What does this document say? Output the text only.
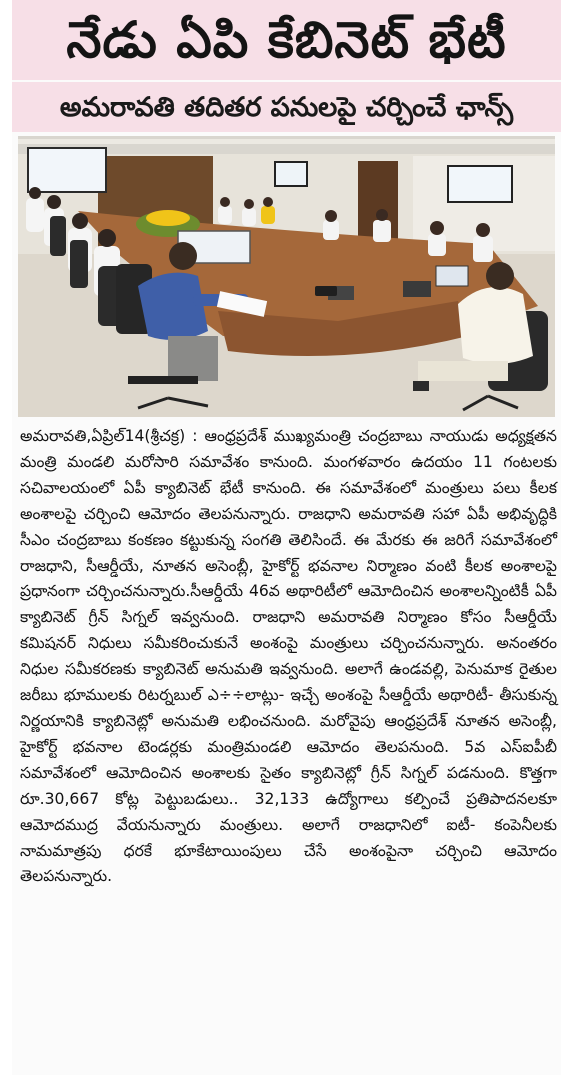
నేడు ఏపి కేబినెట్ భేటీ
అమరావతి తదితర పనులపై చర్చించే ఛాన్స్
అమరావతి,ఏప్రిల్14(శ్రీచక్ర) : ఆంధ్రప్రదేశ్ ముఖ్యమంత్రి చంద్రబాబు నాయుడు అధ్యక్షతన మంత్రి మండలి మరోసారి సమావేశం కానుంది. మంగళవారం ఉదయం 11 గంటలకు సచివాలయంలో ఏపీ క్యాబినెట్ భేటీ కానుంది. ఈ సమావేశంలో మంత్రులు పలు కీలక అంశాలపై చర్చించి ఆమోదం తెలపనున్నారు. రాజధాని అమరావతి సహా ఏపీ అభివృద్ధికి సీఎం చంద్రబాబు కంకణం కట్టుకున్న సంగతి తెలిసిందే. ఈ మేరకు ఈ జరిగే సమావేశంలో రాజధాని, సీఆర్డీయే, నూతన అసెంబ్లీ, హైకోర్ట్ భవనాల నిర్మాణం వంటి కీలక అంశాలపై ప్రధానంగా చర్చించనున్నారు.సీఆర్డీయే 46వ అథారిటీలో ఆమోదించిన అంశాలన్నింటికీ ఏపీ క్యాబినెట్ గ్రీన్ సిగ్నల్ ఇవ్వనుంది. రాజధాని అమరావతి నిర్మాణం కోసం సీఆర్డీయే కమిషనర్ నిధులు సమీకరించుకునే అంశంపై మంత్రులు చర్చించనున్నారు. అనంతరం నిధుల సమీకరణకు క్యాబినెట్ అనుమతి ఇవ్వనుంది. అలాగే ఉండవల్లి, పెనుమాక రైతుల జరీబు భూములకు రిటర్నబుల్ ఎ÷÷లాట్లు- ఇచ్చే అంశంపై సీఆర్డీయే అథారిటీ- తీసుకున్న నిర్ణయానికి క్యాబినెట్లో అనుమతి లభించనుంది. మరోవైపు ఆంధ్రప్రదేశ్ నూతన అసెంబ్లీ, హైకోర్ట్ భవనాల టెండర్లకు మంత్రిమండలి ఆమోదం తెలపనుంది. 5వ ఎస్ఐపీబీ సమావేశంలో ఆమోదించిన అంశాలకు సైతం క్యాబినెట్లో గ్రీన్ సిగ్నల్ పడనుంది. కొత్తగా రూ.30,667 కోట్ల పెట్టుబడులు.. 32,133 ఉద్యోగాలు కల్పించే ప్రతిపాదనలకూ ఆమోదముద్ర వేయనున్నారు మంత్రులు. అలాగే రాజధానిలో ఐటీ- కంపెనీలకు నామమాత్రపు ధరకే భూకేటాయింపులు చేసే అంశంపైనా చర్చించి ఆమోదం తెలపనున్నారు.
